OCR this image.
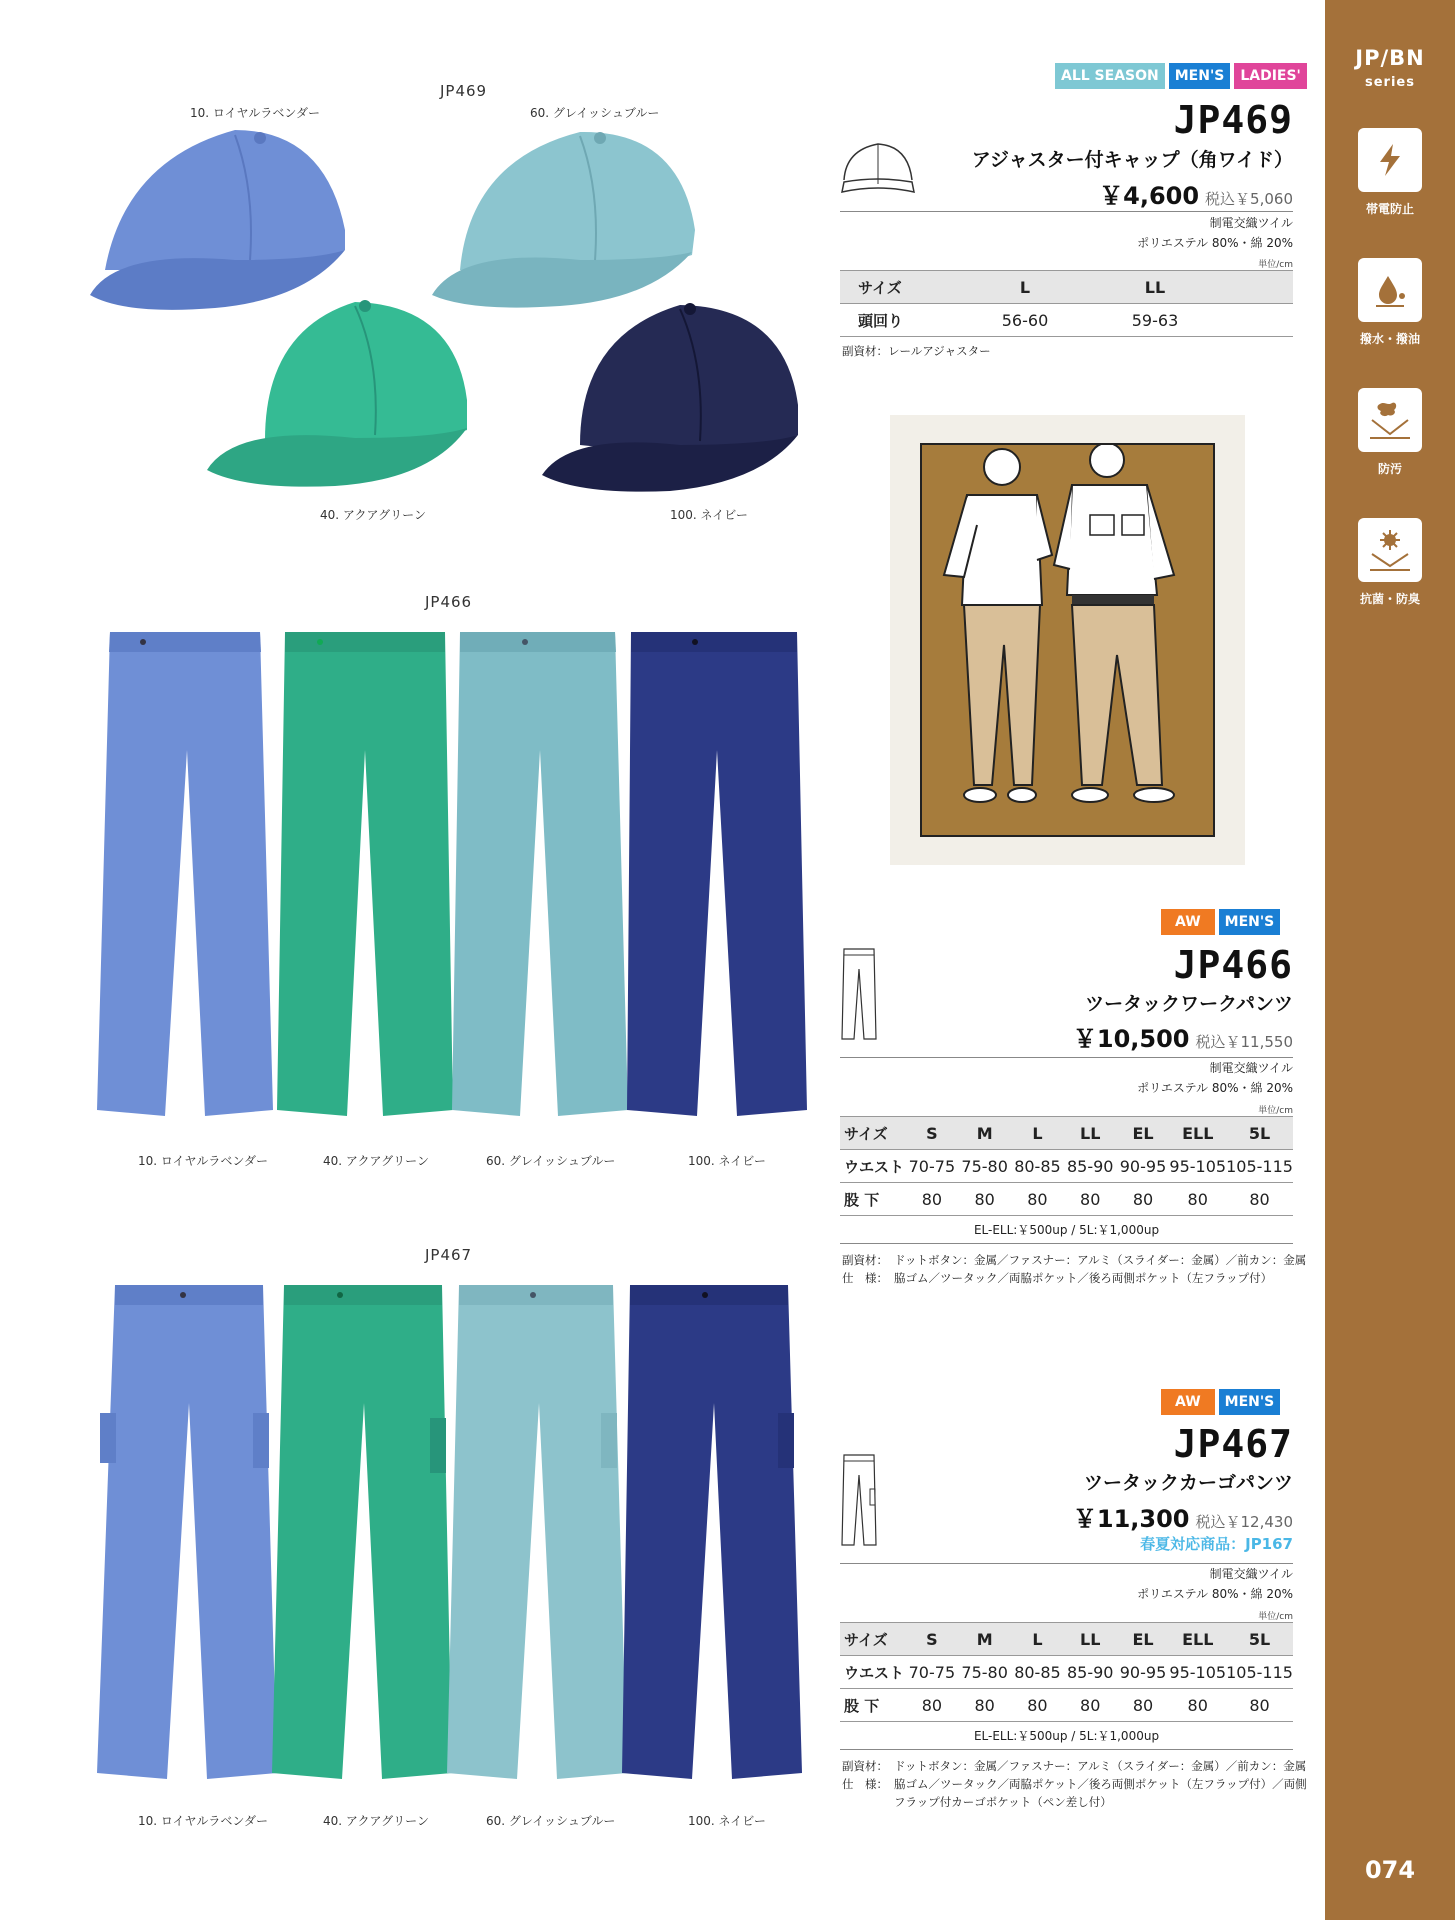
JP/BN
series
帯電防止
撥水・撥油
防汚
抗菌・防臭
074
JP469
10. ロイヤルラベンダー	60. グレイッシュブルー
40. アクアグリーン	100. ネイビー
ALL SEASON	MEN'S	LADIES'
JP469
アジャスター付キャップ（角ワイド）
￥4,600 税込￥5,060
制電交織ツイル
ポリエステル 80%・綿 20%
単位/cm
サイズ	L	LL	
頭回り	56-60	59-63	
副資材：レールアジャスター
JP466
10. ロイヤルラベンダー	40. アクアグリーン	60. グレイッシュブルー	100. ネイビー
AW	MEN'S
JP466
ツータックワークパンツ
￥10,500 税込￥11,550
制電交織ツイル
ポリエステル 80%・綿 20%
単位/cm
サイズ	S	M	L	LL	EL	ELL	5L
ウエスト	70-75	75-80	80-85	85-90	90-95	95-105	105-115
股 下	80	80	80	80	80	80	80
EL-ELL:￥500up / 5L:￥1,000up
副資材： ドットボタン：金属／ファスナー：アルミ（スライダー：金属）／前カン：金属
仕　様： 脇ゴム／ツータック／両脇ポケット／後ろ両側ポケット（左フラップ付）
JP467
10. ロイヤルラベンダー	40. アクアグリーン	60. グレイッシュブルー	100. ネイビー
AW	MEN'S
JP467
ツータックカーゴパンツ
￥11,300 税込￥12,430
春夏対応商品：JP167
制電交織ツイル
ポリエステル 80%・綿 20%
単位/cm
サイズ	S	M	L	LL	EL	ELL	5L
ウエスト	70-75	75-80	80-85	85-90	90-95	95-105	105-115
股 下	80	80	80	80	80	80	80
EL-ELL:￥500up / 5L:￥1,000up
副資材： ドットボタン：金属／ファスナー：アルミ（スライダー：金属）／前カン：金属
仕　様： 脇ゴム／ツータック／両脇ポケット／後ろ両側ポケット（左フラップ付）／両側
フラップ付カーゴポケット（ペン差し付）
